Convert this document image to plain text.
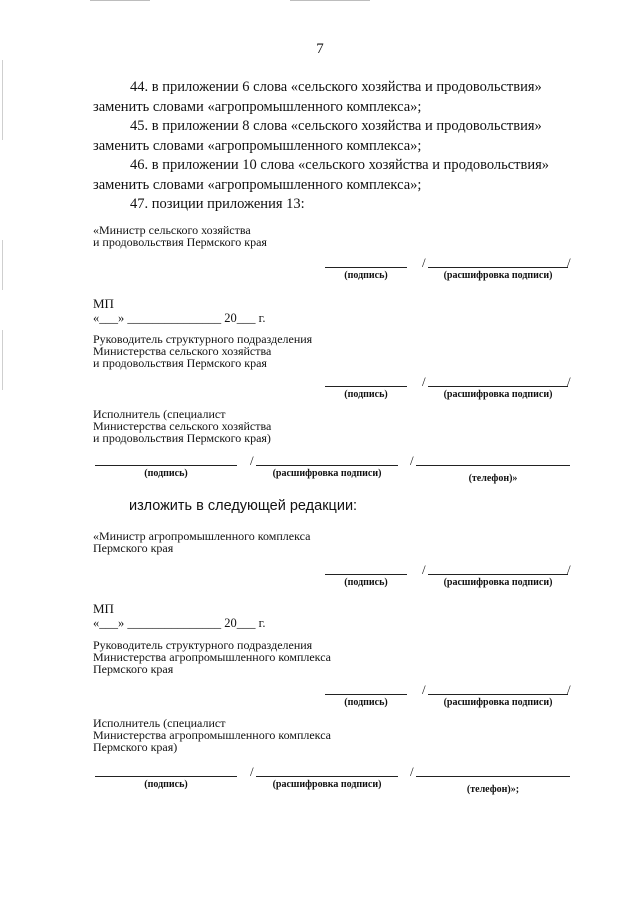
7
44. в приложении 6 слова «сельского хозяйства и продовольствия»
заменить словами «агропромышленного комплекса»;
45. в приложении 8 слова «сельского хозяйства и продовольствия»
заменить словами «агропромышленного комплекса»;
46. в приложении 10 слова «сельского хозяйства и продовольствия»
заменить словами «агропромышленного комплекса»;
47. позиции приложения 13:
«Министр сельского хозяйства
и продовольствия Пермского края
/	/
(подпись)	(расшифровка подписи)
МП
«___» _______________ 20___ г.
Руководитель структурного подразделения
Министерства сельского хозяйства
и продовольствия Пермского края
/	/
(подпись)	(расшифровка подписи)
Исполнитель (специалист
Министерства сельского хозяйства
и продовольствия Пермского края)
/	/
(подпись)	(расшифровка подписи)	(телефон)»
изложить в следующей редакции:
«Министр агропромышленного комплекса
Пермского края
/	/
(подпись)	(расшифровка подписи)
МП
«___» _______________ 20___ г.
Руководитель структурного подразделения
Министерства агропромышленного комплекса
Пермского края
/	/
(подпись)	(расшифровка подписи)
Исполнитель (специалист
Министерства агропромышленного комплекса
Пермского края)
/	/
(подпись)	(расшифровка подписи)	(телефон)»;
